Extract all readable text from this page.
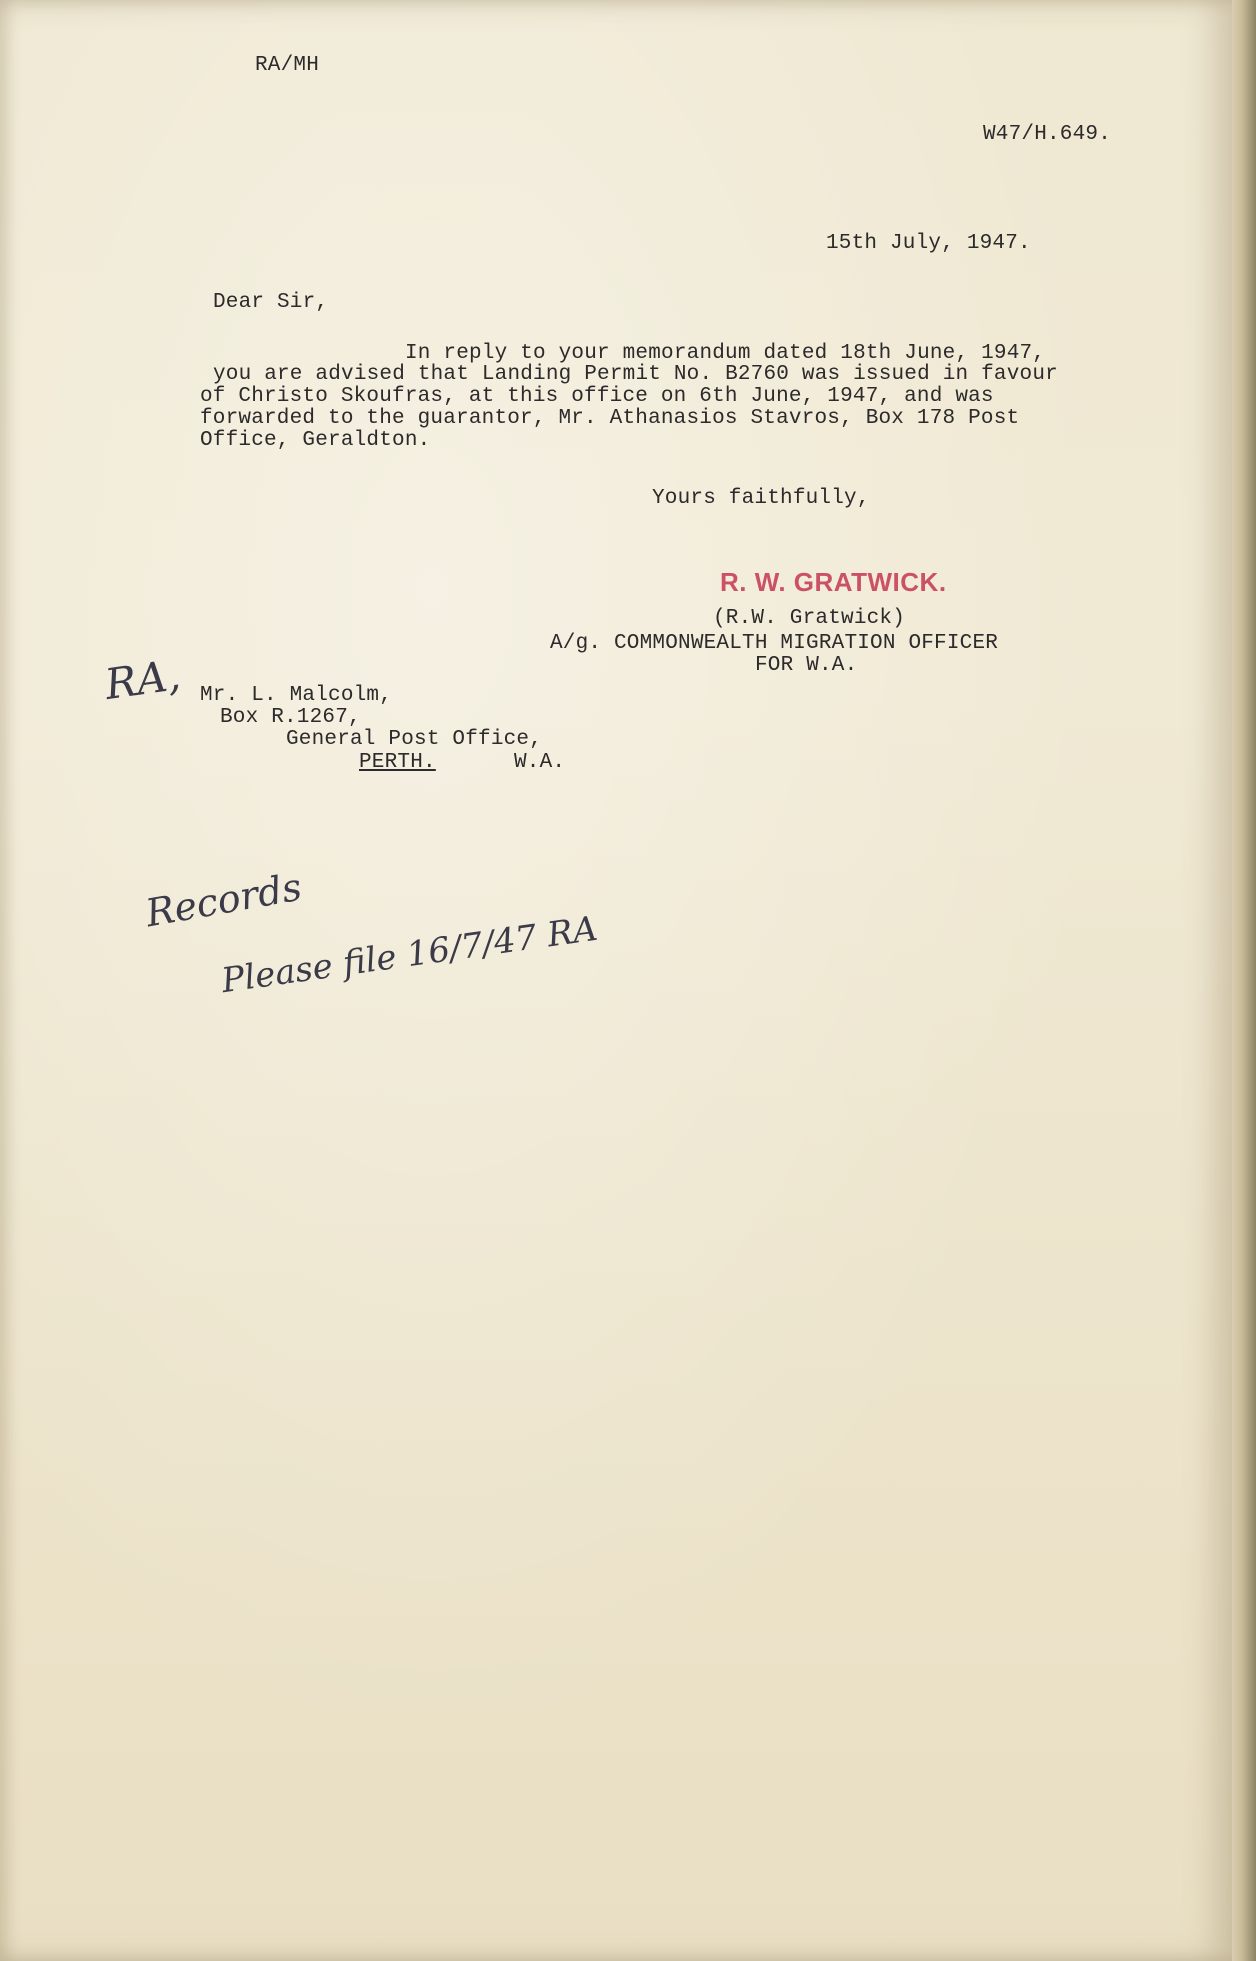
RA/MH
W47/H.649.
15th July, 1947.
Dear Sir,
In reply to your memorandum dated 18th June, 1947,
you are advised that Landing Permit No. B2760 was issued in favour
of Christo Skoufras, at this office on 6th June, 1947, and was
forwarded to the guarantor, Mr. Athanasios Stavros, Box 178 Post
Office, Geraldton.
Yours faithfully,
R. W. GRATWICK.
(R.W. Gratwick)
A/g. COMMONWEALTH MIGRATION OFFICER
FOR W.A.
RA, Mr. L. Malcolm,
Box R.1267,
General Post Office,
PERTH.	W.A.
Records
Please file 16/7/47 RA
